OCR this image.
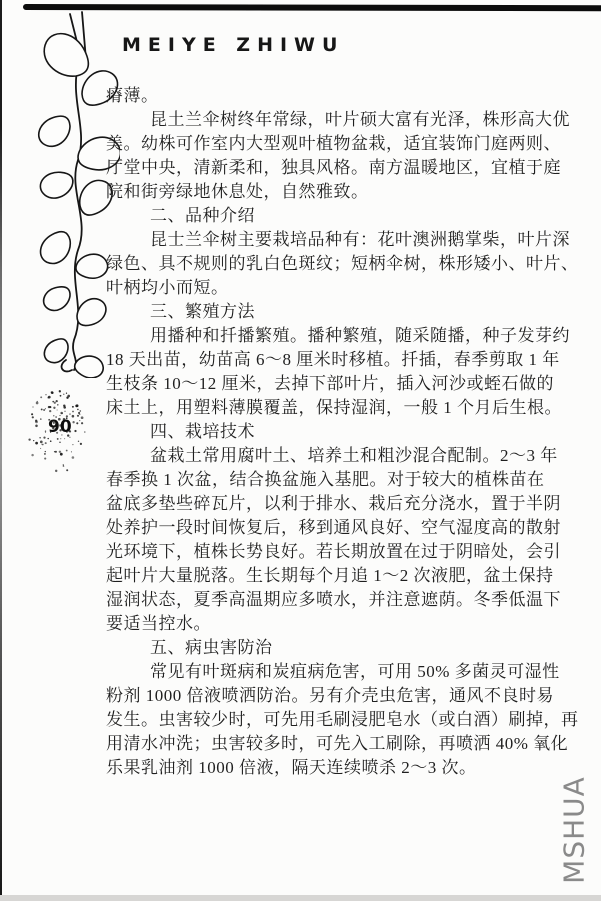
MEIYE ZHIWU
90
瘠薄。
昆土兰伞树终年常绿，叶片硕大富有光泽，株形高大优
美。幼株可作室内大型观叶植物盆栽，适宜装饰门庭两则、
厅堂中央，清新柔和，独具风格。南方温暖地区，宜植于庭
院和街旁绿地休息处，自然雅致。
二、品种介绍
昆士兰伞树主要栽培品种有：花叶澳洲鹅掌柴，叶片深
绿色、具不规则的乳白色斑纹；短柄伞树，株形矮小、叶片、
叶柄均小而短。
三、繁殖方法
用播种和扦播繁殖。播种繁殖，随采随播，种子发芽约
18 天出苗，幼苗高 6～8 厘米时移植。扦插，春季剪取 1 年
生枝条 10～12 厘米，去掉下部叶片，插入河沙或蛭石做的
床土上，用塑料薄膜覆盖，保持湿润，一般 1 个月后生根。
四、栽培技术
盆栽土常用腐叶土、培养土和粗沙混合配制。2～3 年
春季换 1 次盆，结合换盆施入基肥。对于较大的植株苗在
盆底多垫些碎瓦片，以利于排水、栽后充分浇水，置于半阴
处养护一段时间恢复后，移到通风良好、空气湿度高的散射
光环境下，植株长势良好。若长期放置在过于阴暗处，会引
起叶片大量脱落。生长期每个月追 1～2 次液肥，盆土保持
湿润状态，夏季高温期应多喷水，并注意遮荫。冬季低温下
要适当控水。
五、病虫害防治
常见有叶斑病和炭疽病危害，可用 50% 多菌灵可湿性
粉剂 1000 倍液喷洒防治。另有介壳虫危害，通风不良时易
发生。虫害较少时，可先用毛刷浸肥皂水（或白酒）刷掉，再
用清水冲洗；虫害较多时，可先入工刷除，再喷洒 40% 氧化
乐果乳油剂 1000 倍液，隔天连续喷杀 2～3 次。
MSHUA
